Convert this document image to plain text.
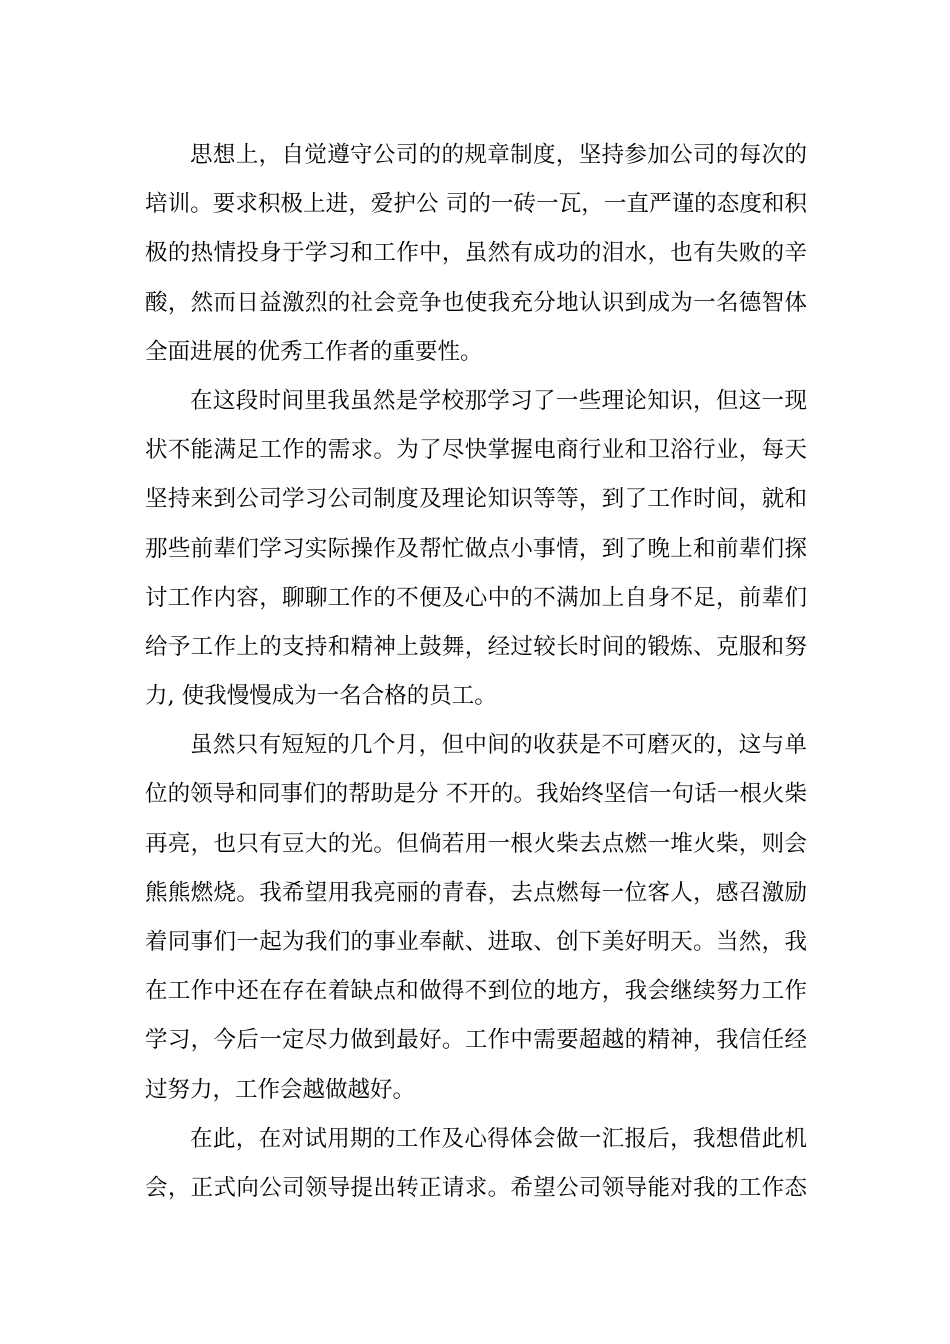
思想上，自觉遵守公司的的规章制度，坚持参加公司的每次的
培训。要求积极上进，爱护公 司的一砖一瓦，一直严谨的态度和积
极的热情投身于学习和工作中，虽然有成功的泪水，也有失败的辛
酸，然而日益激烈的社会竞争也使我充分地认识到成为一名德智体
全面进展的优秀工作者的重要性。
在这段时间里我虽然是学校那学习了一些理论知识，但这一现
状不能满足工作的需求。为了尽快掌握电商行业和卫浴行业，每天
坚持来到公司学习公司制度及理论知识等等，到了工作时间，就和
那些前辈们学习实际操作及帮忙做点小事情，到了晚上和前辈们探
讨工作内容，聊聊工作的不便及心中的不满加上自身不足，前辈们
给予工作上的支持和精神上鼓舞，经过较长时间的锻炼、克服和努
力, 使我慢慢成为一名合格的员工。
虽然只有短短的几个月，但中间的收获是不可磨灭的，这与单
位的领导和同事们的帮助是分 不开的。我始终坚信一句话一根火柴
再亮，也只有豆大的光。但倘若用一根火柴去点燃一堆火柴，则会
熊熊燃烧。我希望用我亮丽的青春，去点燃每一位客人，感召激励
着同事们一起为我们的事业奉献、进取、创下美好明天。当然，我
在工作中还在存在着缺点和做得不到位的地方，我会继续努力工作
学习，今后一定尽力做到最好。工作中需要超越的精神，我信任经
过努力，工作会越做越好。
在此，在对试用期的工作及心得体会做一汇报后，我想借此机
会，正式向公司领导提出转正请求。希望公司领导能对我的工作态
